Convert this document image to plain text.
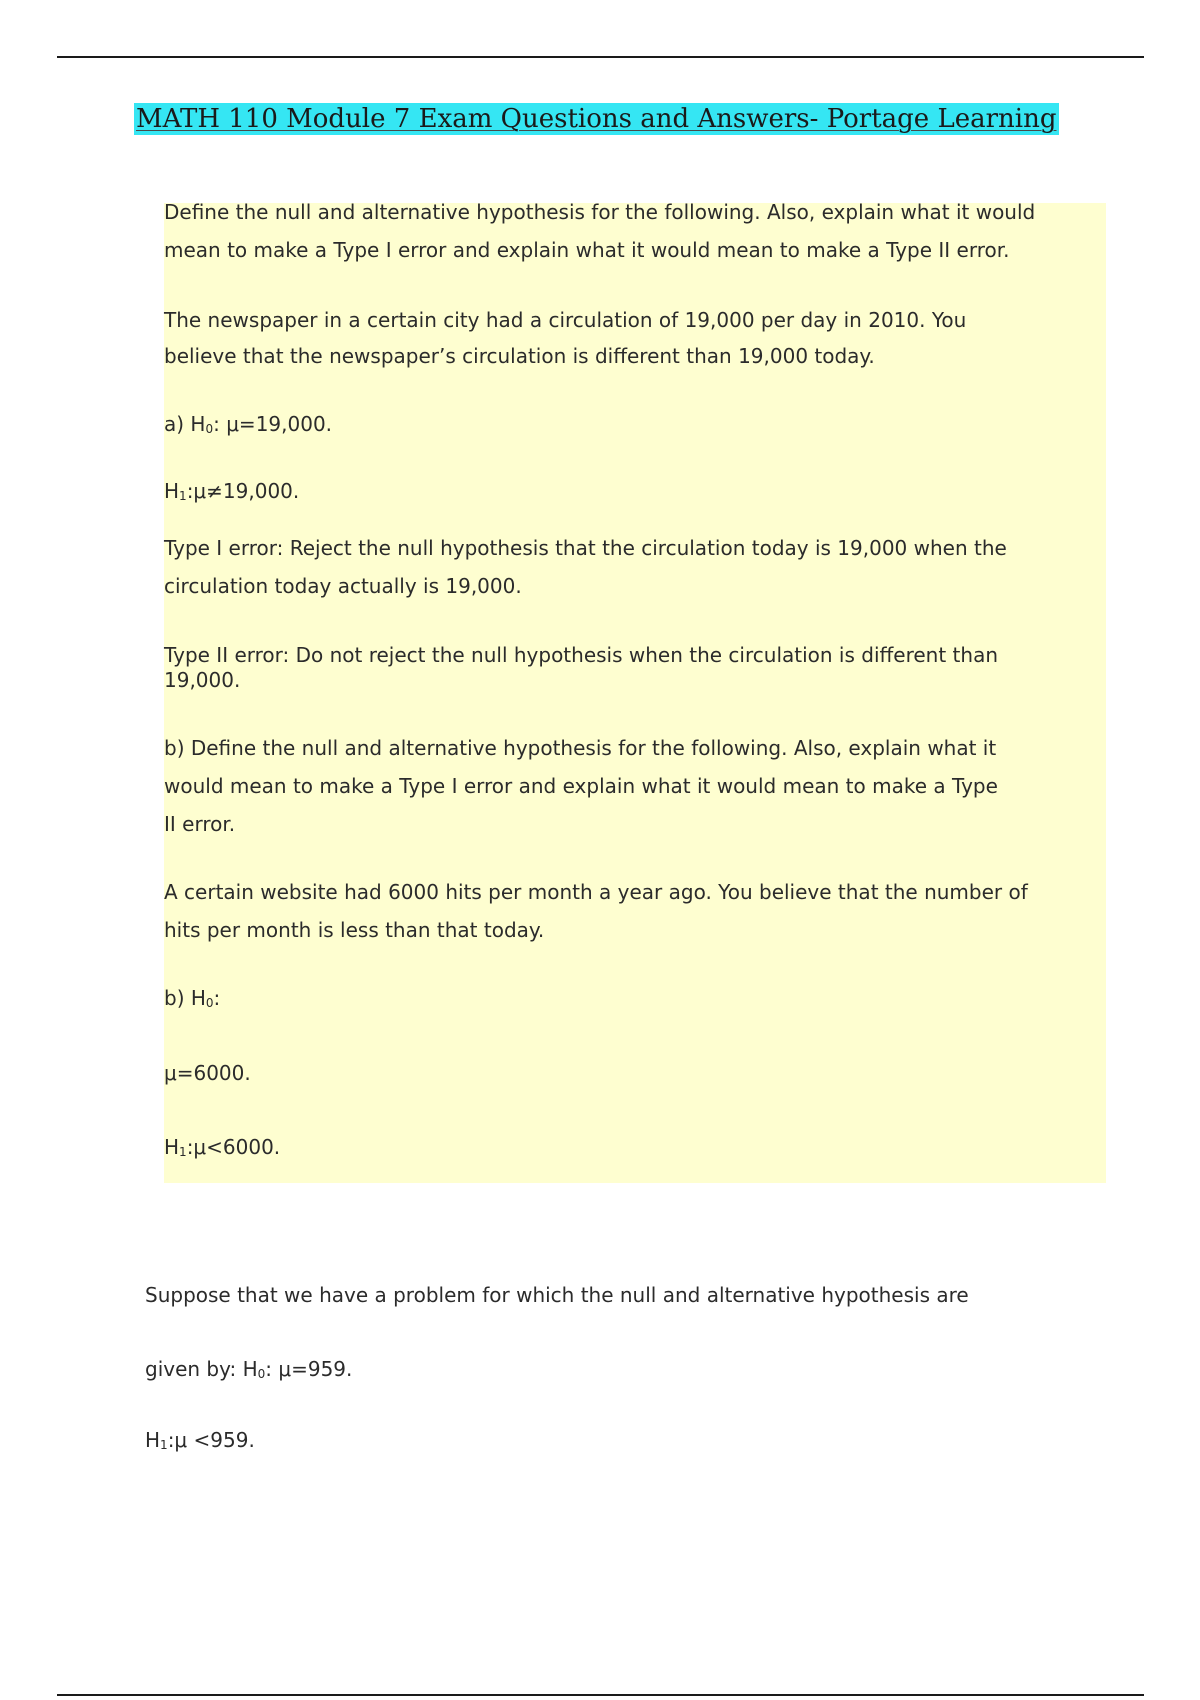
MATH 110 Module 7 Exam Questions and Answers- Portage Learning

Define the null and alternative hypothesis for the following. Also, explain what it would

mean to make a Type I error and explain what it would mean to make a Type II error.

The newspaper in a certain city had a circulation of 19,000 per day in 2010. You

believe that the newspaper’s circulation is different than 19,000 today.

a) H0: μ=19,000.

H1:μ≠19,000.

Type I error: Reject the null hypothesis that the circulation today is 19,000 when the

circulation today actually is 19,000.

Type II error: Do not reject the null hypothesis when the circulation is different than

19,000.

b) Define the null and alternative hypothesis for the following. Also, explain what it

would mean to make a Type I error and explain what it would mean to make a Type

II error.

A certain website had 6000 hits per month a year ago. You believe that the number of

hits per month is less than that today.

b) H0:

μ=6000.

H1:μ<6000.

Suppose that we have a problem for which the null and alternative hypothesis are

given by: H0: μ=959.

H1:μ <959.
